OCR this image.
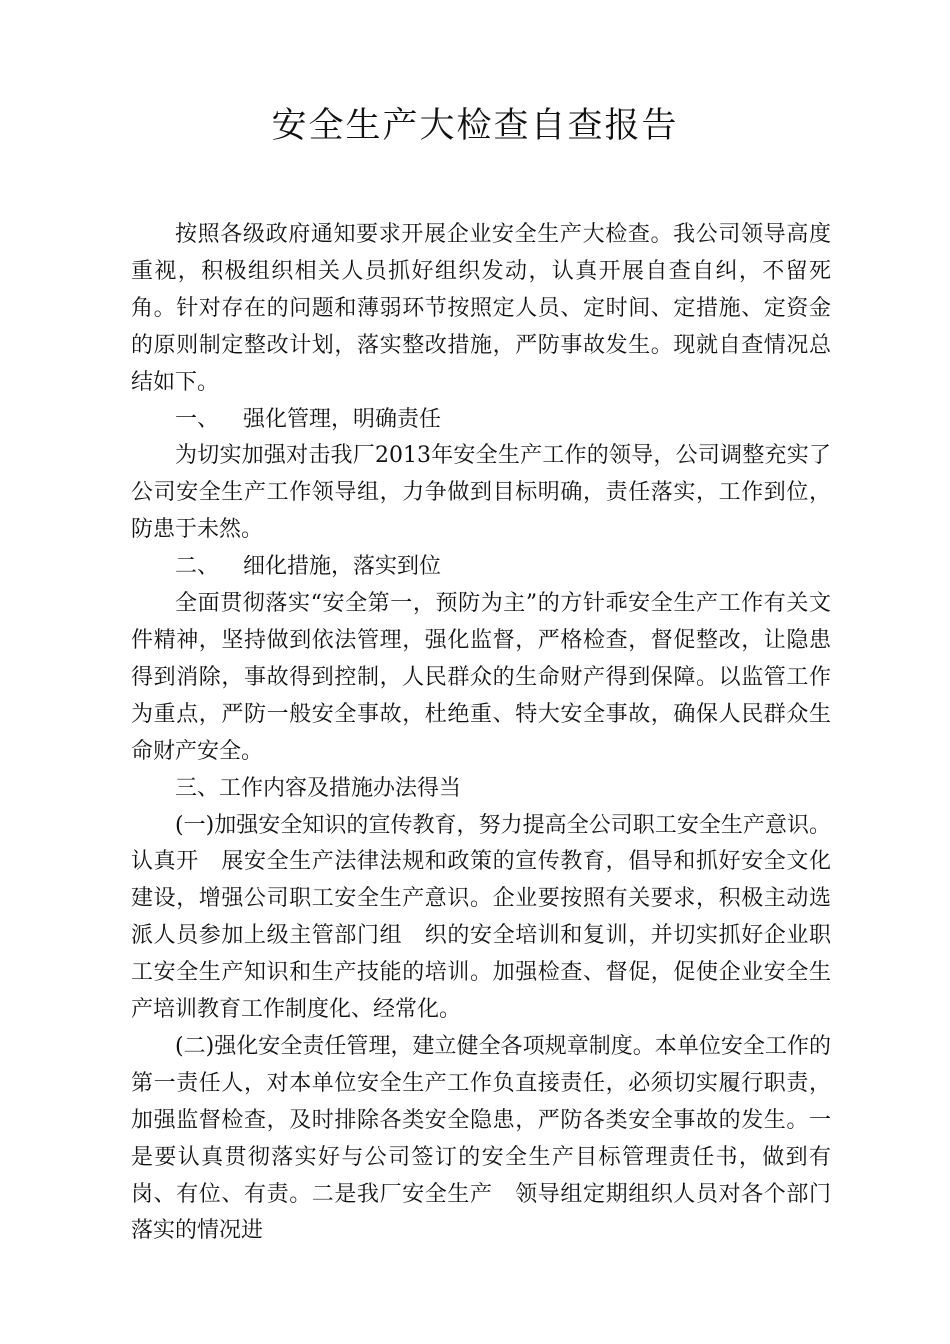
安全生产大检查自查报告

按照各级政府通知要求开展企业安全生产大检查。我公司领导高度重视，积极组织相关人员抓好组织发动，认真开展自查自纠，不留死角。针对存在的问题和薄弱环节按照定人员、定时间、定措施、定资金的原则制定整改计划，落实整改措施，严防事故发生。现就自查情况总结如下。

一、 强化管理，明确责任

为切实加强对击我厂2013年安全生产工作的领导，公司调整充实了公司安全生产工作领导组，力争做到目标明确，责任落实，工作到位，防患于未然。

二、 细化措施，落实到位

全面贯彻落实“安全第一，预防为主”的方针乖安全生产工作有关文件精神，坚持做到依法管理，强化监督，严格检查，督促整改，让隐患得到消除，事故得到控制，人民群众的生命财产得到保障。以监管工作为重点，严防一般安全事故，杜绝重、特大安全事故，确保人民群众生命财产安全。

三、工作内容及措施办法得当

(一)加强安全知识的宣传教育，努力提高全公司职工安全生产意识。认真开　展安全生产法律法规和政策的宣传教育，倡导和抓好安全文化建设，增强公司职工安全生产意识。企业要按照有关要求，积极主动选派人员参加上级主管部门组　织的安全培训和复训，并切实抓好企业职工安全生产知识和生产技能的培训。加强检查、督促，促使企业安全生产培训教育工作制度化、经常化。

(二)强化安全责任管理，建立健全各项规章制度。本单位安全工作的第一责任人，对本单位安全生产工作负直接责任，必须切实履行职责，加强监督检查，及时排除各类安全隐患，严防各类安全事故的发生。一是要认真贯彻落实好与公司签订的安全生产目标管理责任书，做到有岗、有位、有责。二是我厂安全生产　领导组定期组织人员对各个部门落实的情况进
